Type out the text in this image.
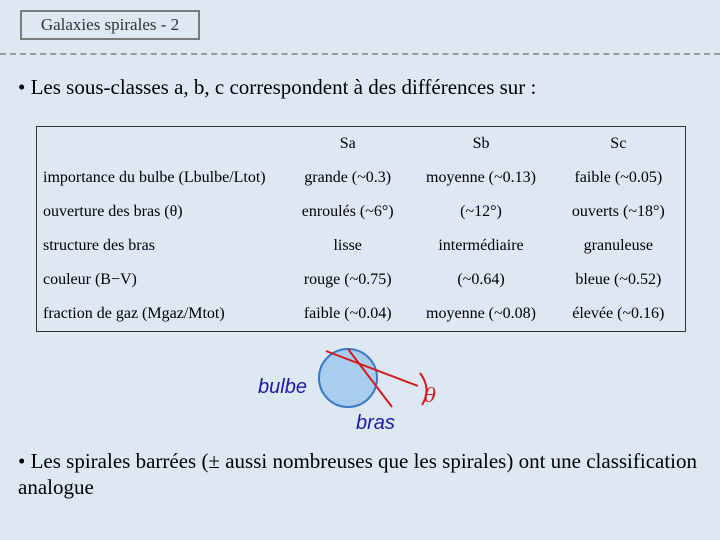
Galaxies spirales - 2
• Les sous-classes a, b, c correspondent à des différences sur :
	Sa	Sb	Sc
importance du bulbe (Lbulbe/Ltot)	grande (~0.3)	moyenne (~0.13)	faible (~0.05)
ouverture des bras (θ)	enroulés (~6°)	(~12°)	ouverts (~18°)
structure des bras	lisse	intermédiaire	granuleuse
couleur (B−V)	rouge (~0.75)	(~0.64)	bleue (~0.52)
fraction de gaz (Mgaz/Mtot)	faible (~0.04)	moyenne (~0.08)	élevée (~0.16)
bulbe
bras
θ
• Les spirales barrées (± aussi nombreuses que les spirales) ont une classification analogue
